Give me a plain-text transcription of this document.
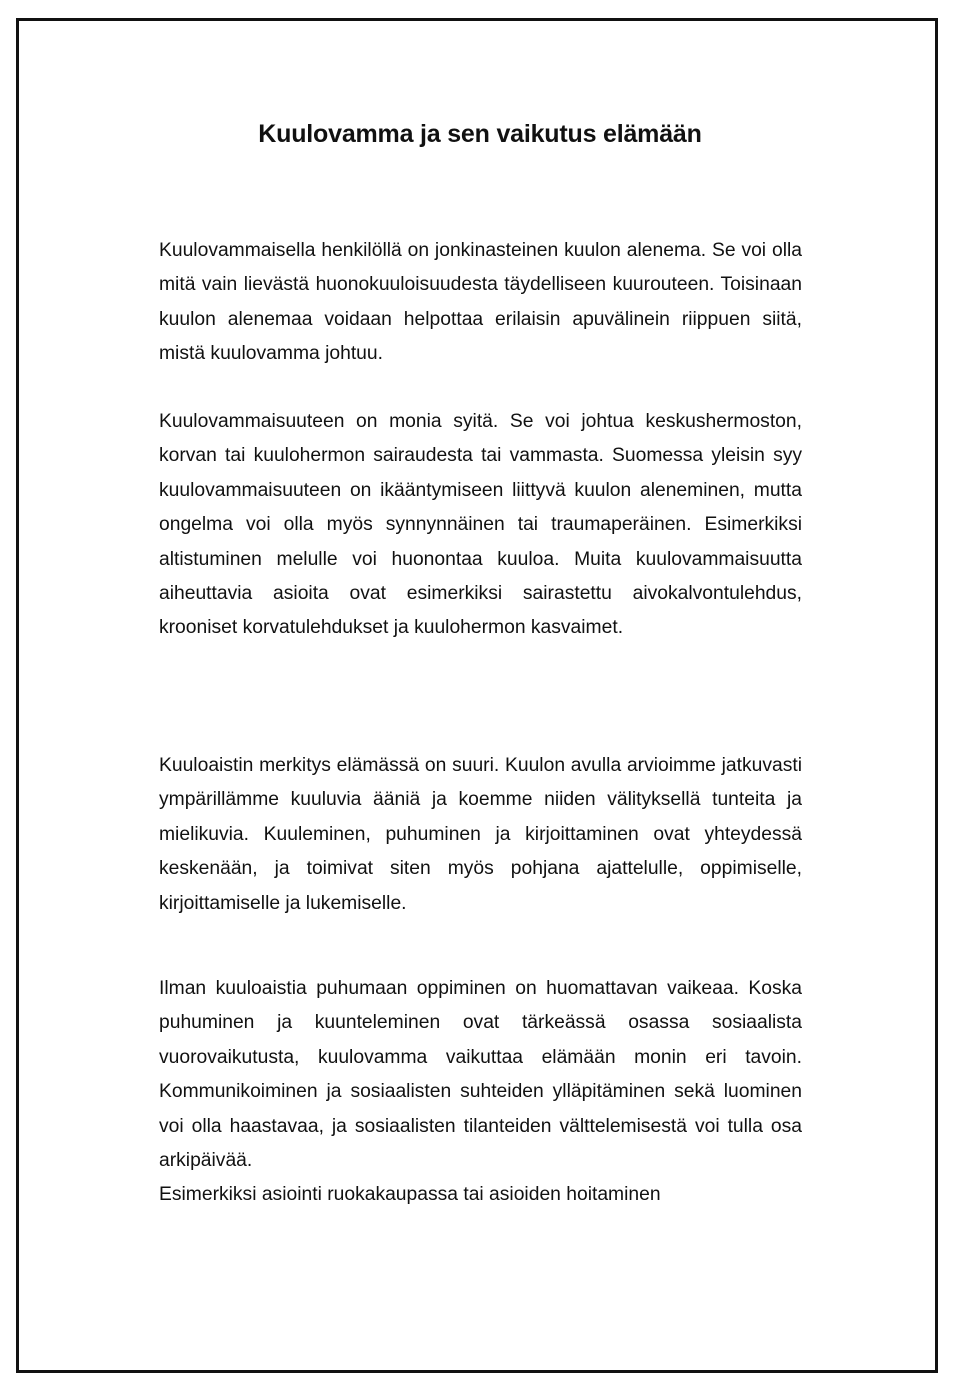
Kuulovamma ja sen vaikutus elämään

Kuulovammaisella henkilöllä on jonkinasteinen kuulon alenema. Se voi olla mitä vain lievästä huonokuuloisuudesta täydelliseen kuurouteen. Toisinaan kuulon alenemaa voidaan helpottaa erilaisin apuvälinein riippuen siitä, mistä kuulovamma johtuu.

Kuulovammaisuuteen on monia syitä. Se voi johtua keskushermoston, korvan tai kuulohermon sairaudesta tai vammasta. Suomessa yleisin syy kuulovammaisuuteen on ikääntymiseen liittyvä kuulon aleneminen, mutta ongelma voi olla myös synnynnäinen tai traumaperäinen. Esimerkiksi altistuminen melulle voi huonontaa kuuloa. Muita kuulovammaisuutta aiheuttavia asioita ovat esimerkiksi sairastettu aivokalvontulehdus, krooniset korvatulehdukset ja kuulohermon kasvaimet.

Kuuloaistin merkitys elämässä on suuri. Kuulon avulla arvioimme jatkuvasti ympärillämme kuuluvia ääniä ja koemme niiden välityksellä tunteita ja mielikuvia. Kuuleminen, puhuminen ja kirjoittaminen ovat yhteydessä keskenään, ja toimivat siten myös pohjana ajattelulle, oppimiselle, kirjoittamiselle ja lukemiselle.

Ilman kuuloaistia puhumaan oppiminen on huomattavan vaikeaa. Koska puhuminen ja kuunteleminen ovat tärkeässä osassa sosiaalista vuorovaikutusta, kuulovamma vaikuttaa elämään monin eri tavoin. Kommunikoiminen ja sosiaalisten suhteiden ylläpitäminen sekä luominen voi olla haastavaa, ja sosiaalisten tilanteiden välttelemisestä voi tulla osa arkipäivää.

Esimerkiksi asiointi ruokakaupassa tai asioiden hoitaminen
